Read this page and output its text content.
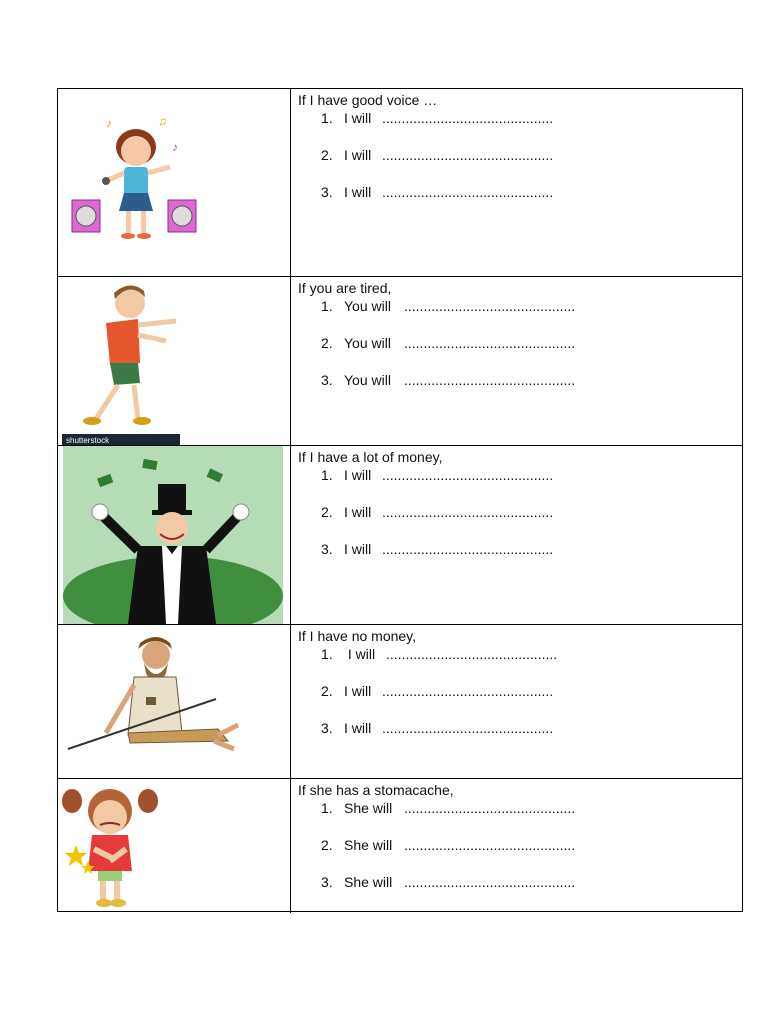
♪	♫
♪

If I have good voice …

1. I will ............................................
2. I will ............................................
3. I will ............................................
shutterstock

If you are tired,

1. You will ............................................
2. You will ............................................
3. You will ............................................

If I have a lot of money,

1. I will ............................................
2. I will ............................................
3. I will ............................................

If I have no money,

1. I will ............................................
2. I will ............................................
3. I will ............................................

If she has a stomacache,

1. She will ............................................
2. She will ............................................
3. She will ............................................
